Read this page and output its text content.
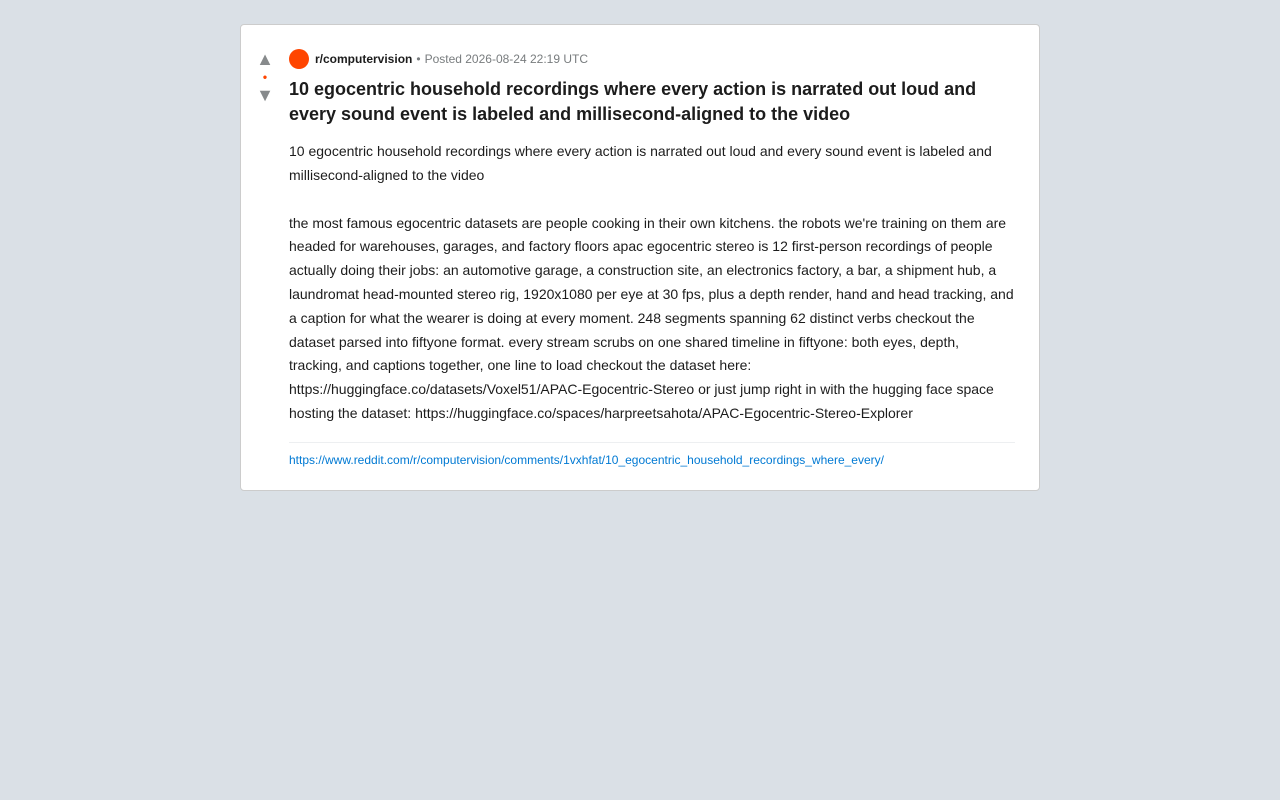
▲
•
▼
r/computervision • Posted 2026-08-24 22:19 UTC
10 egocentric household recordings where every action is narrated out loud and every sound event is labeled and millisecond-aligned to the video

10 egocentric household recordings where every action is narrated out loud and every sound event is labeled and millisecond-aligned to the video

the most famous egocentric datasets are people cooking in their own kitchens. the robots we're training on them are headed for warehouses, garages, and factory floors apac egocentric stereo is 12 first-person recordings of people actually doing their jobs: an automotive garage, a construction site, an electronics factory, a bar, a shipment hub, a laundromat head-mounted stereo rig, 1920x1080 per eye at 30 fps, plus a depth render, hand and head tracking, and a caption for what the wearer is doing at every moment. 248 segments spanning 62 distinct verbs checkout the dataset parsed into fiftyone format. every stream scrubs on one shared timeline in fiftyone: both eyes, depth, tracking, and captions together, one line to load checkout the dataset here: https://huggingface.co/datasets/Voxel51/APAC-Egocentric-Stereo or just jump right in with the hugging face space hosting the dataset: https://huggingface.co/spaces/harpreetsahota/APAC-Egocentric-Stereo-Explorer

https://www.reddit.com/r/computervision/comments/1vxhfat/10_egocentric_household_recordings_where_every/
